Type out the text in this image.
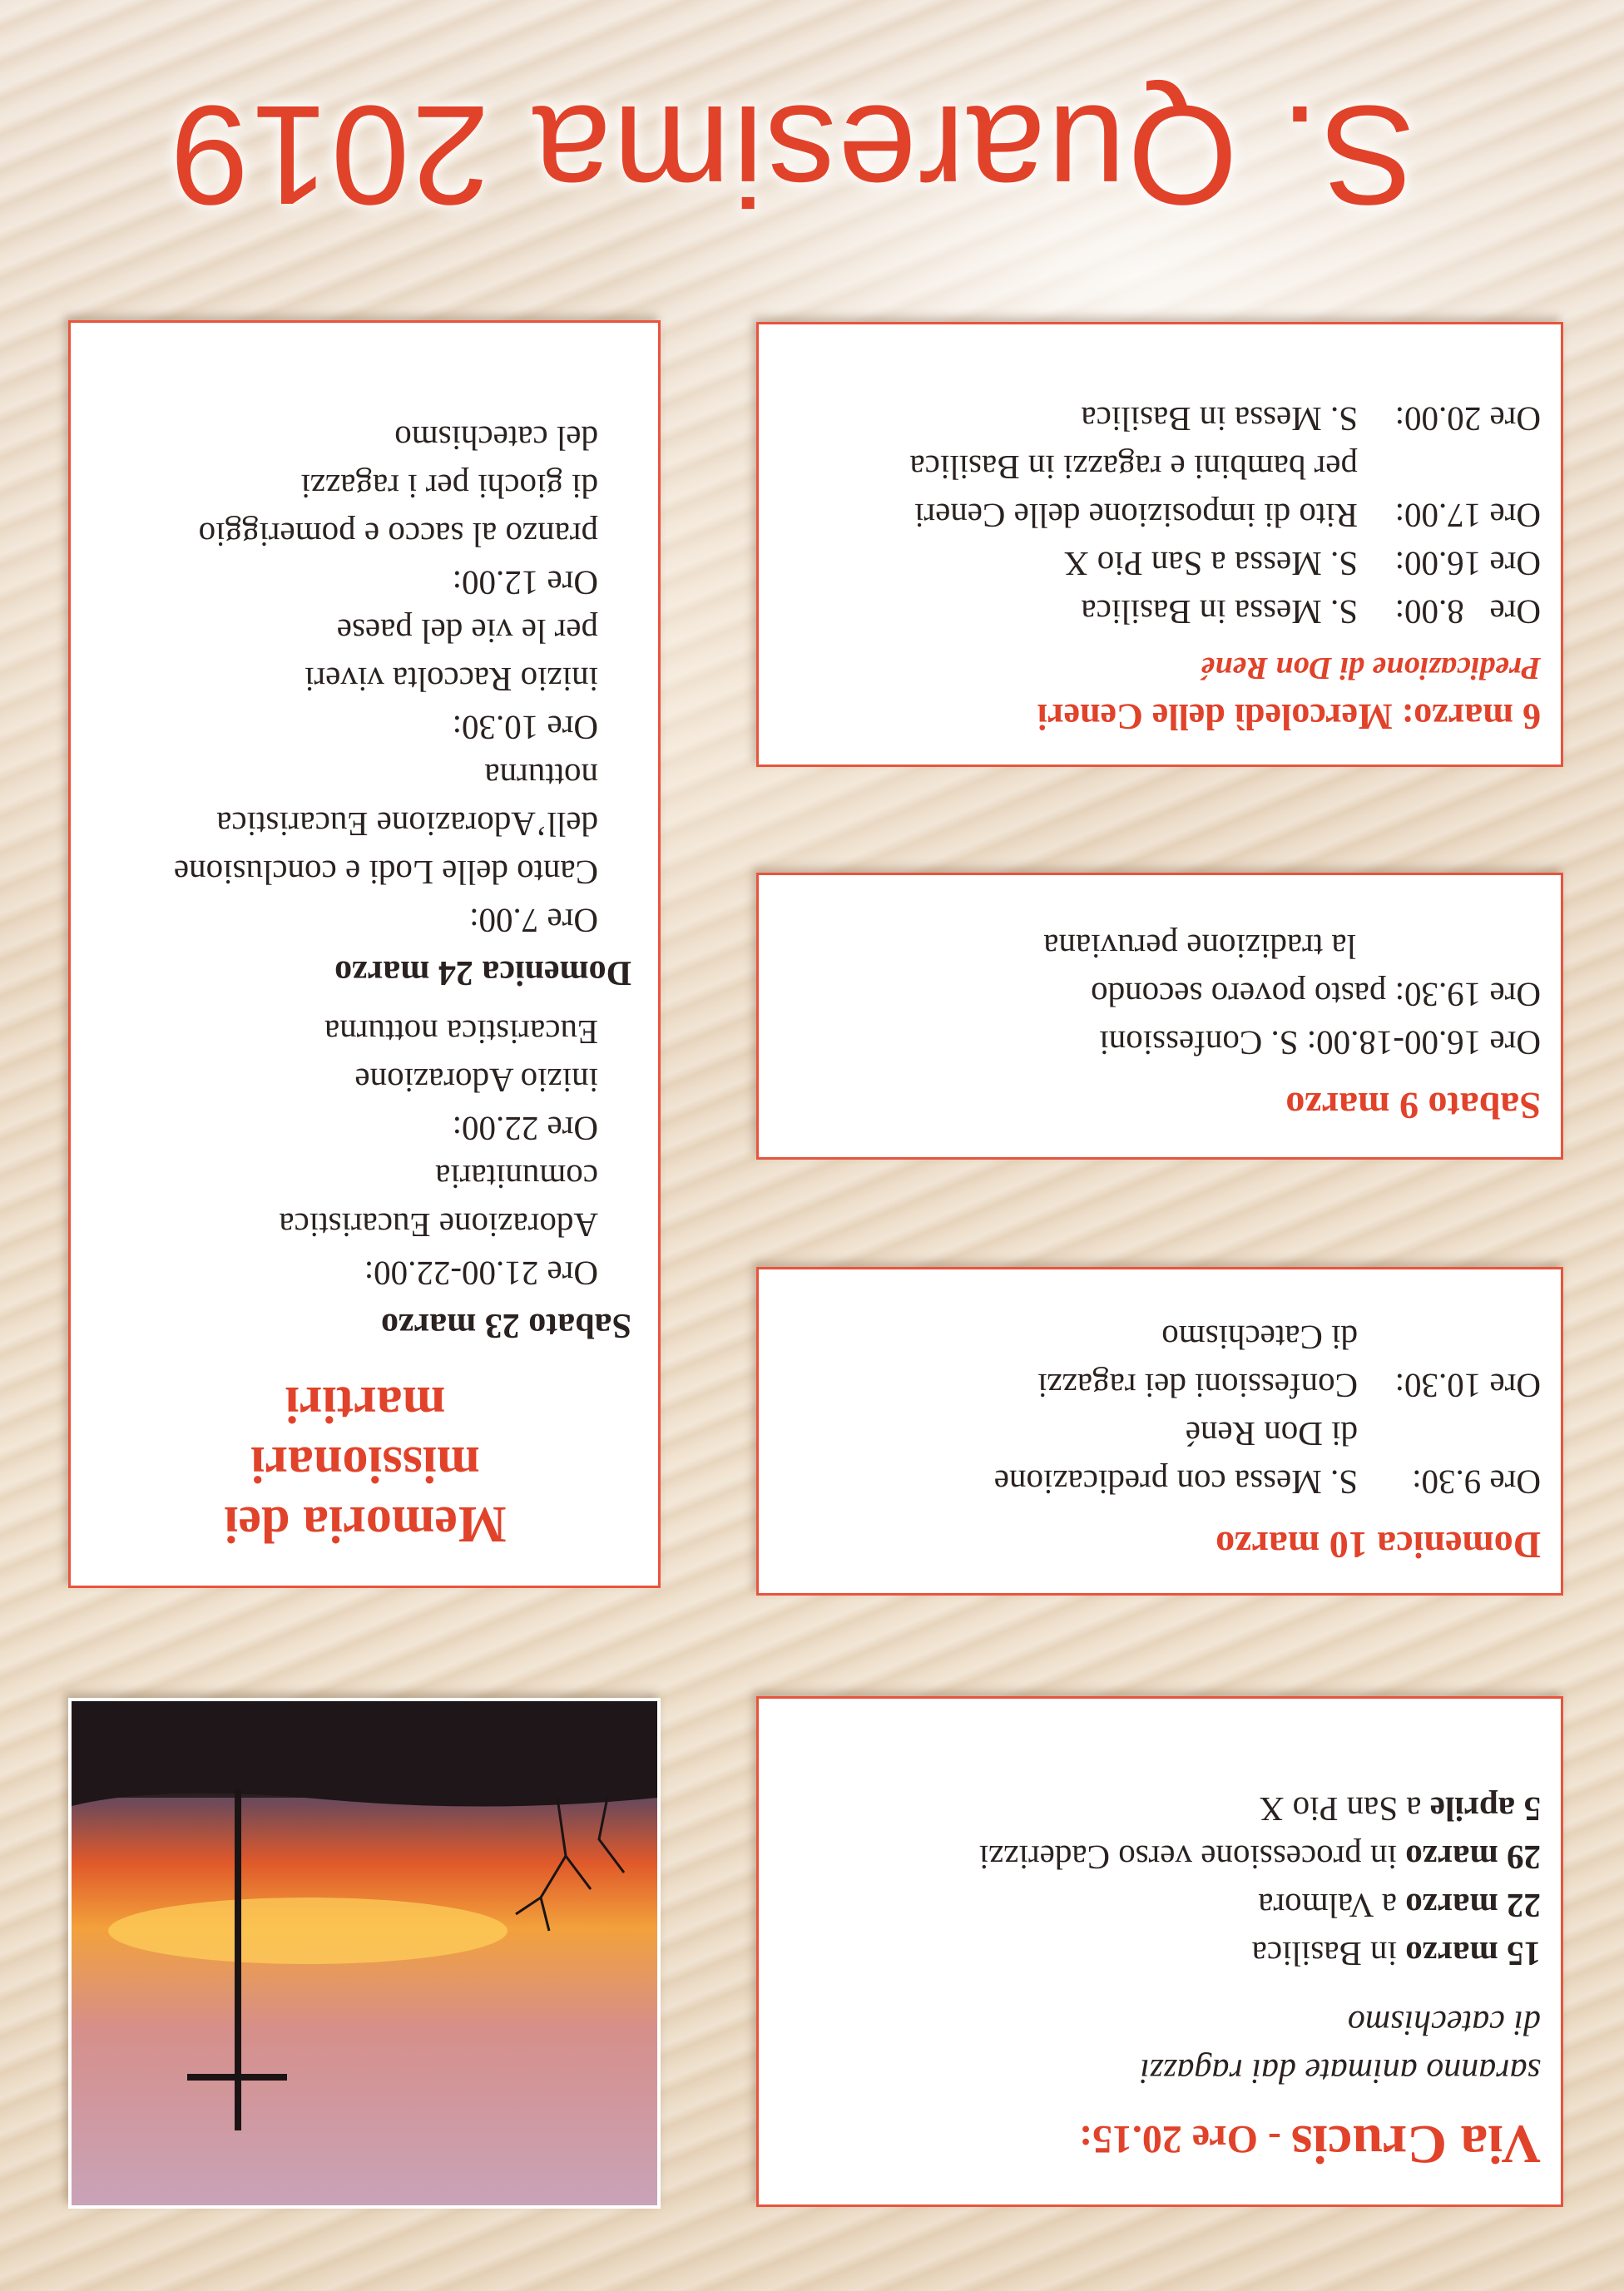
Via Crucis - Ore 20.15:
saranno animate dai ragazzi
di catechismo
15 marzo in Basilica
22 marzo a Valmora
29 marzo in processione verso Caderizzi
5 aprile a San Pio X
Domenica 10 marzo
Ore 9.30:
S. Messa con predicazione
di Don René
Ore 10.30:
Confessioni dei ragazzi
di Catechismo
Sabato 9 marzo
Ore 16.00-18.00: S. Confessioni
Ore 19.30: pasto povero secondo
la tradizione peruviana
6 marzo: Mercoledì delle Ceneri
Predicazione di Don René
Ore   8.00:
S. Messa in Basilica
Ore 16.00:
S. Messa a San Pio X
Ore 17.00:
Rito di imposizione delle Ceneri
per bambini e ragazzi in Basilica
Ore 20.00:
S. Messa in Basilica
Memoria dei
missionari
martiri
Sabato 23 marzo
Ore 21.00-22.00:
Adorazione Eucaristica
comunitaria
Ore 22.00:
inizio Adorazione
Eucaristica notturna
Domenica 24 marzo
Ore 7.00:
Canto delle Lodi e conclusione
dell’Adorazione Eucaristica
notturna
Ore 10.30:
inizio Raccolta viveri
per le vie del paese
Ore 12.00:
pranzo al sacco e pomeriggio
di giochi per i ragazzi
del catechismo
S. Quaresima 2019
